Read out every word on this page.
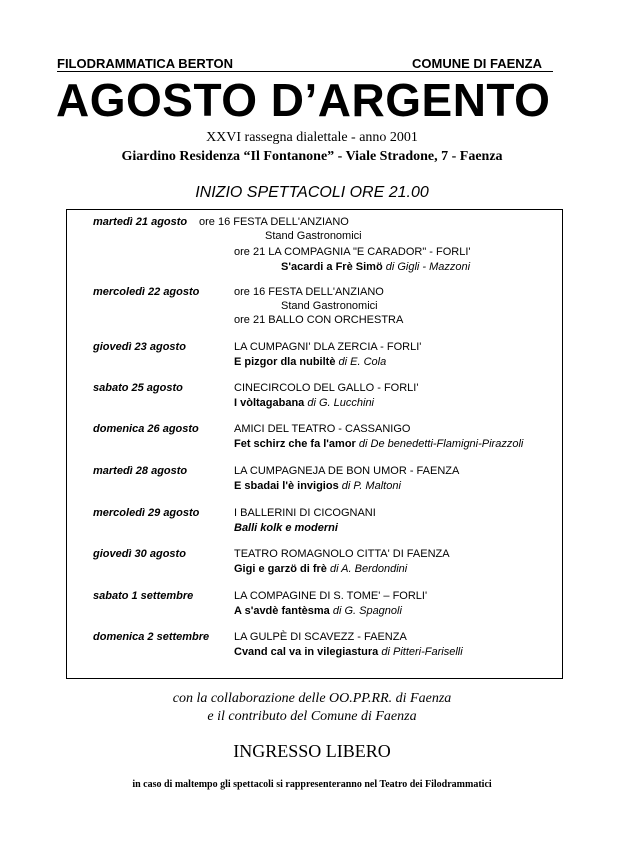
FILODRAMMATICA BERTON	COMUNE DI FAENZA
AGOSTO D’ARGENTO
XXVI rassegna dialettale - anno 2001
Giardino Residenza “Il Fontanone” - Viale Stradone, 7 - Faenza
INIZIO SPETTACOLI ORE 21.00
martedì 21 agosto ore 16 FESTA DELL'ANZIANO
Stand Gastronomici
ore 21 LA COMPAGNIA "E CARADOR" - FORLI'
S'acardi a Frè Simö di Gigli - Mazzoni
mercoledì 22 agosto	ore 16 FESTA DELL'ANZIANO
Stand Gastronomici
ore 21 BALLO CON ORCHESTRA
giovedì 23 agosto	LA CUMPAGNI' DLA ZERCIA - FORLI'
E pizgor dla nubiltè di E. Cola
sabato 25 agosto	CINECIRCOLO DEL GALLO - FORLI'
I vòltagabana di G. Lucchini
domenica 26 agosto	AMICI DEL TEATRO - CASSANIGO
Fet schirz che fa l'amor di De benedetti-Flamigni-Pirazzoli
martedì 28 agosto	LA CUMPAGNEJA DE BON UMOR - FAENZA
E sbadai l'è invigios di P. Maltoni
mercoledì 29 agosto	I BALLERINI DI CICOGNANI
Balli kolk e moderni
giovedì 30 agosto	TEATRO ROMAGNOLO CITTA' DI FAENZA
Gigi e garzö di frè di A. Berdondini
sabato 1 settembre	LA COMPAGINE DI S. TOME' – FORLI'
A s'avdè fantèsma di G. Spagnoli
domenica 2 settembre LA GULPÈ DI SCAVEZZ - FAENZA
Cvand cal va in vilegiastura di Pitteri-Fariselli
con la collaborazione delle OO.PP.RR. di Faenza
e il contributo del Comune di Faenza
INGRESSO LIBERO
in caso di maltempo gli spettacoli si rappresenteranno nel Teatro dei Filodrammatici
